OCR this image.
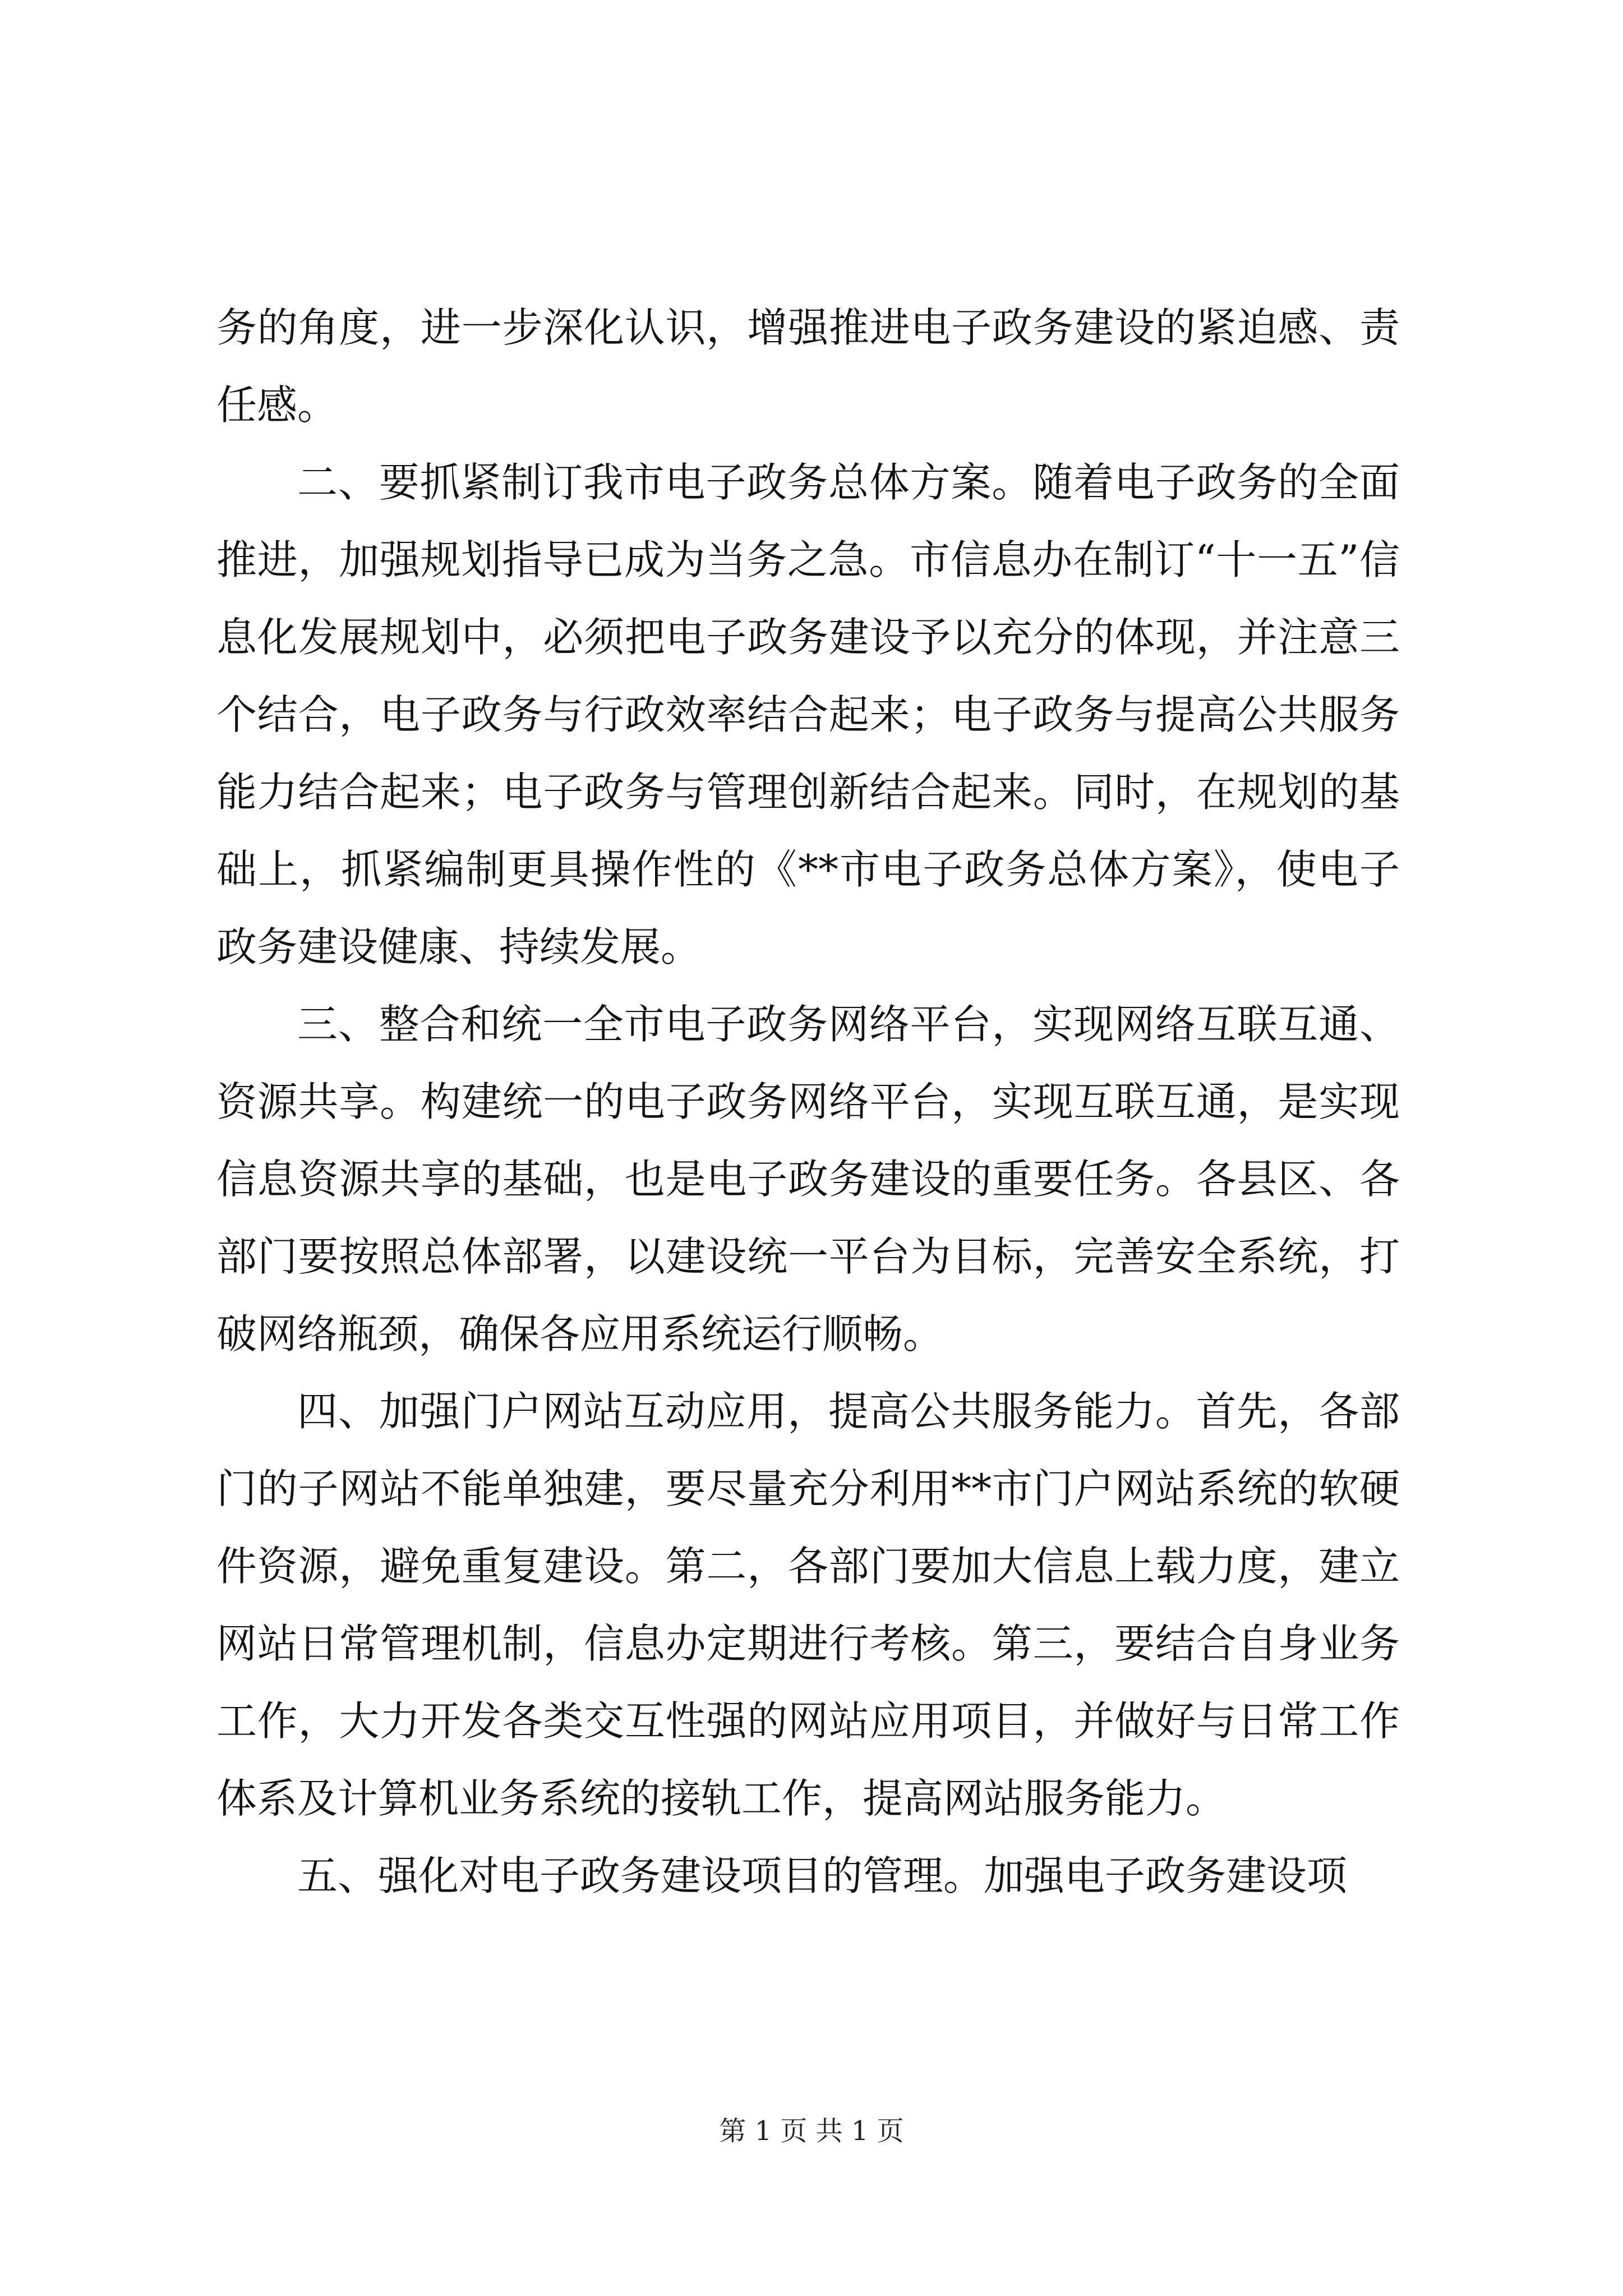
务的角度，进一步深化认识，增强推进电子政务建设的紧迫感、责任感。

二、要抓紧制订我市电子政务总体方案。随着电子政务的全面推进，加强规划指导已成为当务之急。市信息办在制订“十一五”信息化发展规划中，必须把电子政务建设予以充分的体现，并注意三个结合，电子政务与行政效率结合起来；电子政务与提高公共服务能力结合起来；电子政务与管理创新结合起来。同时，在规划的基础上，抓紧编制更具操作性的《**市电子政务总体方案》，使电子政务建设健康、持续发展。

三、整合和统一全市电子政务网络平台，实现网络互联互通、资源共享。构建统一的电子政务网络平台，实现互联互通，是实现信息资源共享的基础，也是电子政务建设的重要任务。各县区、各部门要按照总体部署，以建设统一平台为目标，完善安全系统，打破网络瓶颈，确保各应用系统运行顺畅。

四、加强门户网站互动应用，提高公共服务能力。首先，各部门的子网站不能单独建，要尽量充分利用**市门户网站系统的软硬件资源，避免重复建设。第二，各部门要加大信息上载力度，建立网站日常管理机制，信息办定期进行考核。第三，要结合自身业务工作，大力开发各类交互性强的网站应用项目，并做好与日常工作体系及计算机业务系统的接轨工作，提高网站服务能力。

五、强化对电子政务建设项目的管理。加强电子政务建设项

第 1 页 共 1 页
